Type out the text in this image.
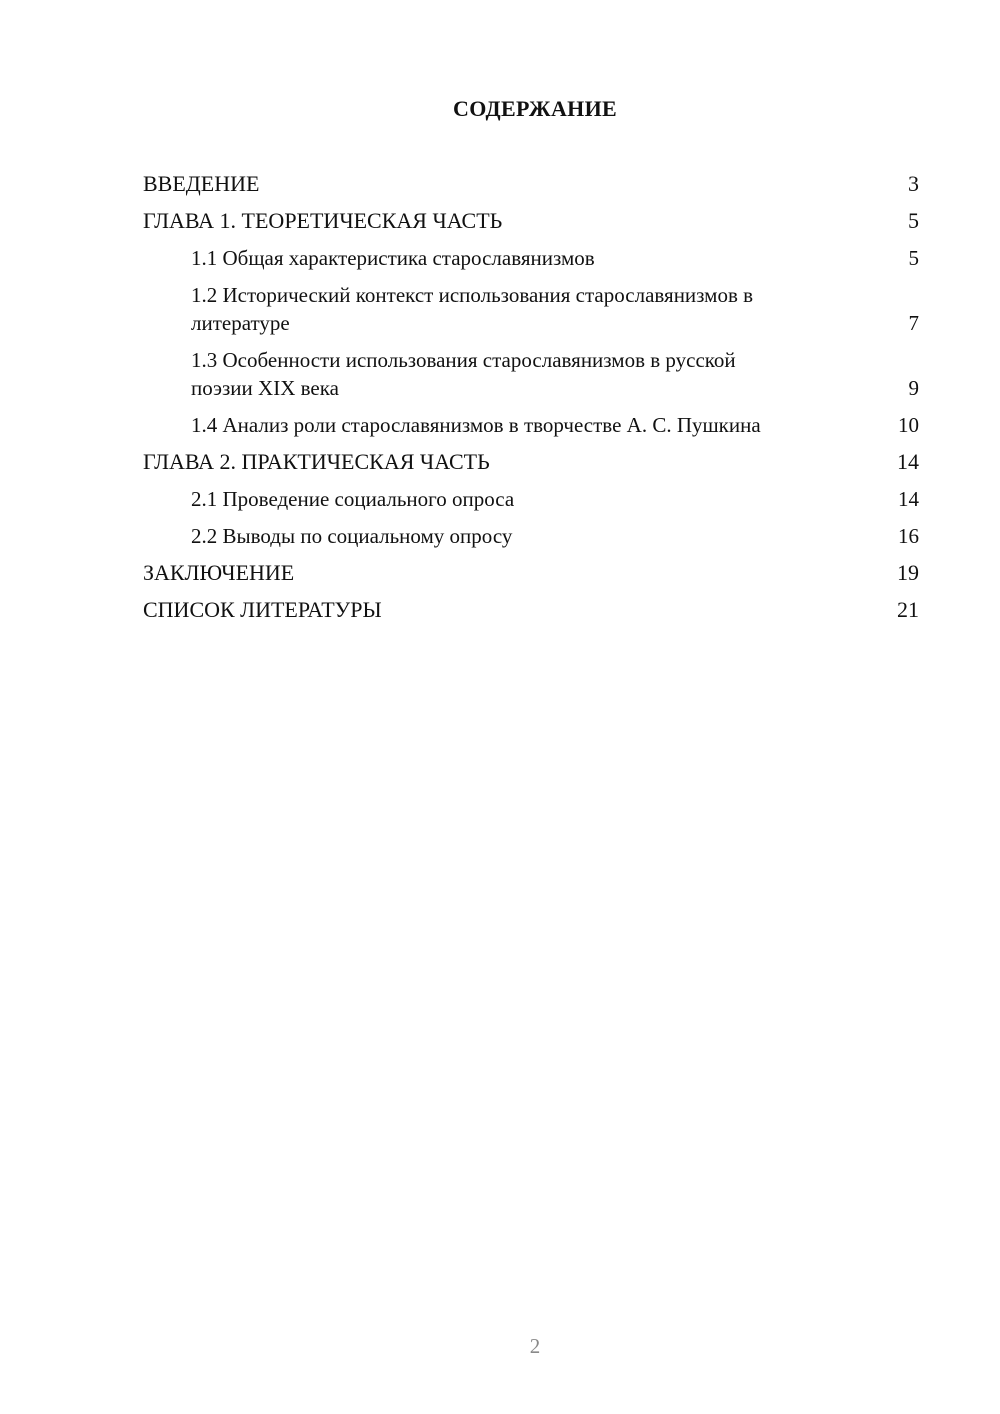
СОДЕРЖАНИЕ
ВВЕДЕНИЕ	3
ГЛАВА 1. ТЕОРЕТИЧЕСКАЯ ЧАСТЬ	5
1.1 Общая характеристика старославянизмов	5
1.2 Исторический контекст использования старославянизмов в литературе	7
1.3 Особенности использования старославянизмов в русской поэзии XIX века	9
1.4 Анализ роли старославянизмов в творчестве А. С. Пушкина	10
ГЛАВА 2. ПРАКТИЧЕСКАЯ ЧАСТЬ	14
2.1 Проведение социального опроса	14
2.2 Выводы по социальному опросу	16
ЗАКЛЮЧЕНИЕ	19
СПИСОК ЛИТЕРАТУРЫ	21
2
